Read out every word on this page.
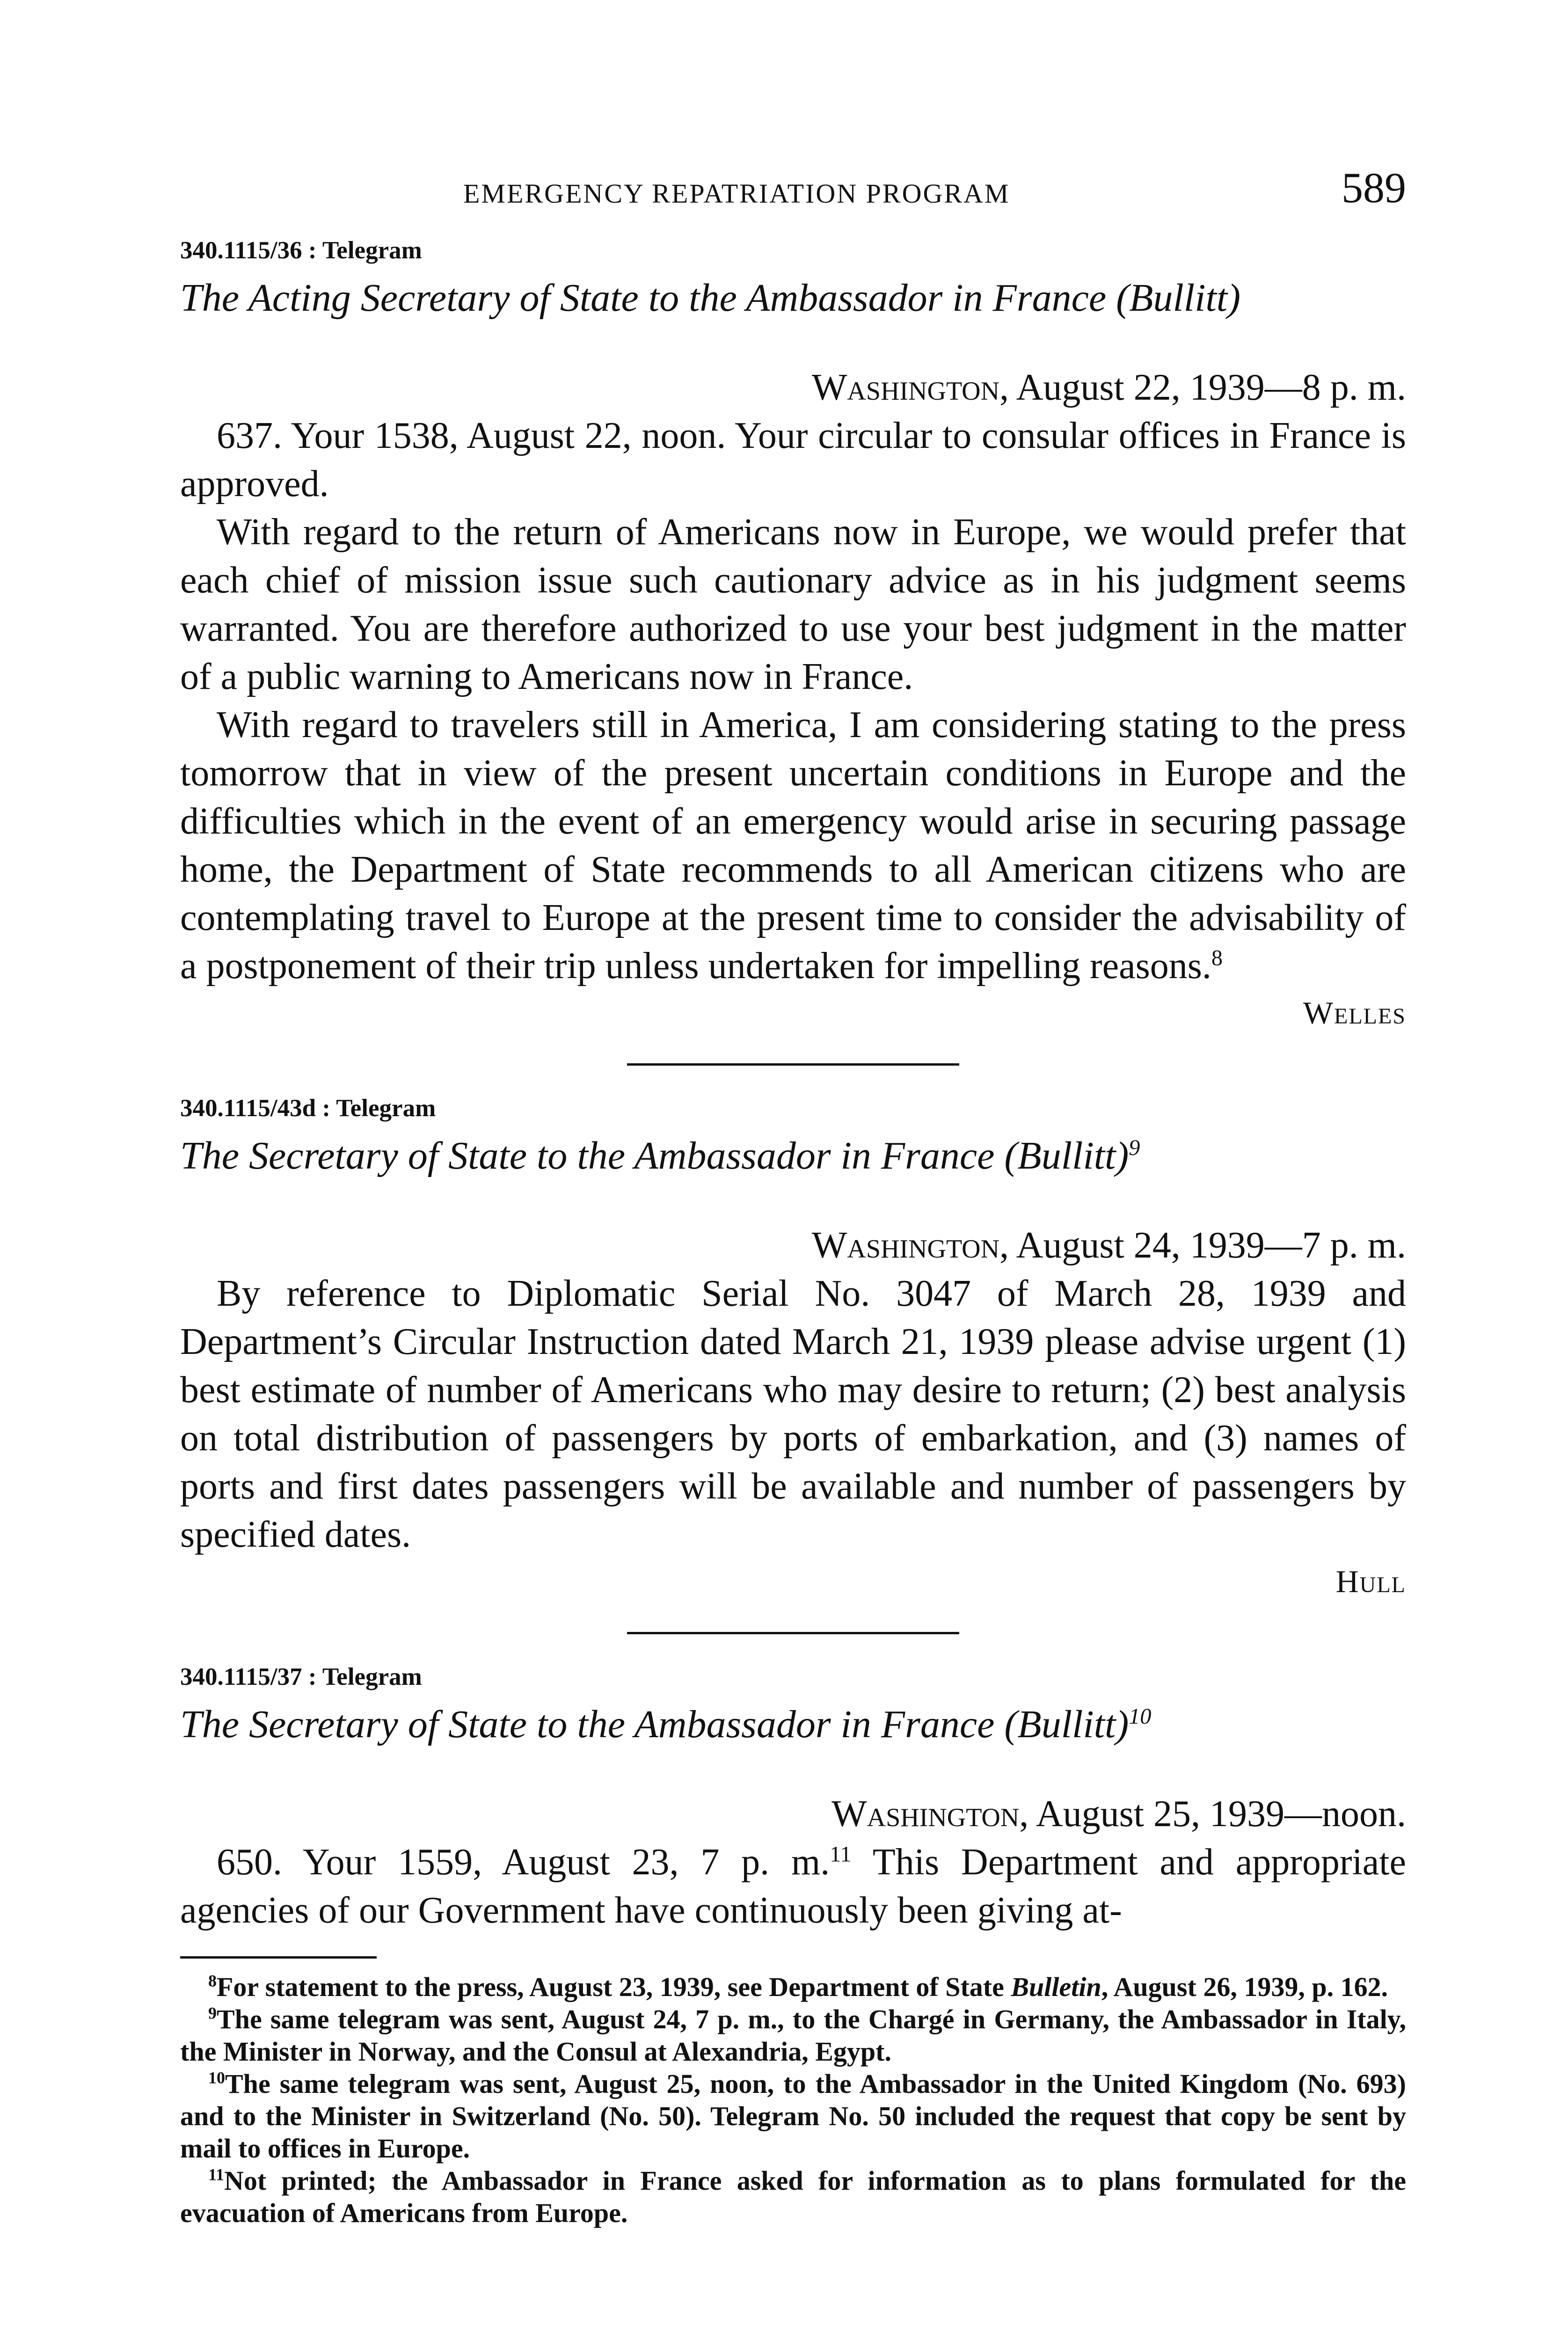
EMERGENCY REPATRIATION PROGRAM	589

340.1115/36 : Telegram

The Acting Secretary of State to the Ambassador in France (Bullitt)

Washington, August 22, 1939—8 p. m.

637. Your 1538, August 22, noon. Your circular to consular offices in France is approved.

With regard to the return of Americans now in Europe, we would prefer that each chief of mission issue such cautionary advice as in his judgment seems warranted. You are therefore authorized to use your best judgment in the matter of a public warning to Americans now in France.

With regard to travelers still in America, I am considering stating to the press tomorrow that in view of the present uncertain conditions in Europe and the difficulties which in the event of an emergency would arise in securing passage home, the Department of State recommends to all American citizens who are contemplating travel to Europe at the present time to consider the advisability of a postponement of their trip unless undertaken for impelling reasons.$^8$

Welles

340.1115/43d : Telegram

The Secretary of State to the Ambassador in France (Bullitt)$^9$

Washington, August 24, 1939—7 p. m.

By reference to Diplomatic Serial No. 3047 of March 28, 1939 and Department’s Circular Instruction dated March 21, 1939 please advise urgent (1) best estimate of number of Americans who may desire to return; (2) best analysis on total distribution of passengers by ports of embarkation, and (3) names of ports and first dates passengers will be available and number of passengers by specified dates.

Hull

340.1115/37 : Telegram

The Secretary of State to the Ambassador in France (Bullitt)$^{10}$

Washington, August 25, 1939—noon.

650. Your 1559, August 23, 7 p. m.$^{11}$ This Department and appropriate agencies of our Government have continuously been giving at-

$^8$For statement to the press, August 23, 1939, see Department of State Bulletin, August 26, 1939, p. 162.

$^9$The same telegram was sent, August 24, 7 p. m., to the Chargé in Germany, the Ambassador in Italy, the Minister in Norway, and the Consul at Alexandria, Egypt.

$^{10}$The same telegram was sent, August 25, noon, to the Ambassador in the United Kingdom (No. 693) and to the Minister in Switzerland (No. 50). Telegram No. 50 included the request that copy be sent by mail to offices in Europe.

$^{11}$Not printed; the Ambassador in France asked for information as to plans formulated for the evacuation of Americans from Europe.
